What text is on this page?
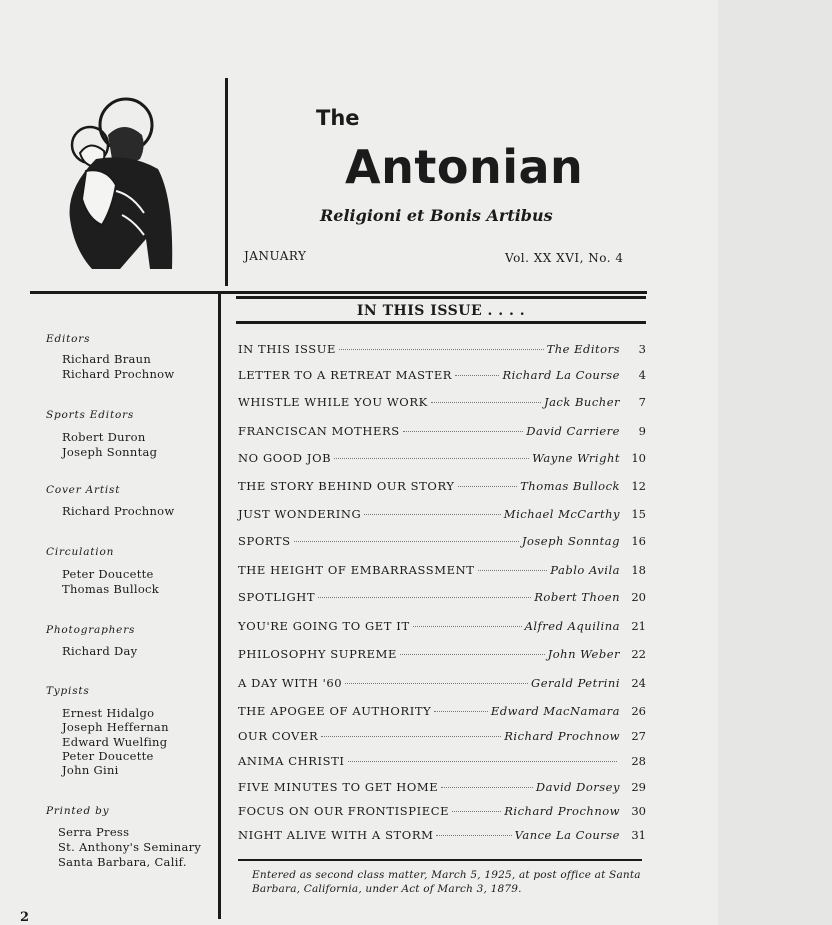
The
Antonian
Religioni et Bonis Artibus
JANUARY	Vol. XX XVI, No. 4
IN THIS ISSUE . . . .
IN THIS ISSUE	The Editors	3
LETTER TO A RETREAT MASTER	Richard La Course	4
WHISTLE WHILE YOU WORK	Jack Bucher	7
FRANCISCAN MOTHERS	David Carriere	9
NO GOOD JOB	Wayne Wright 10
THE STORY BEHIND OUR STORY	Thomas Bullock 12
JUST WONDERING	Michael McCarthy 15
SPORTS	Joseph Sonntag 16
THE HEIGHT OF EMBARRASSMENT	Pablo Avila 18
SPOTLIGHT	Robert Thoen 20
YOU'RE GOING TO GET IT	Alfred Aquilina 21
PHILOSOPHY SUPREME	John Weber 22
A DAY WITH '60	Gerald Petrini 24
THE APOGEE OF AUTHORITY	Edward MacNamara 26
OUR COVER	Richard Prochnow 27
ANIMA CHRISTI	28
FIVE MINUTES TO GET HOME	David Dorsey 29
FOCUS ON OUR FRONTISPIECE	Richard Prochnow 30
NIGHT ALIVE WITH A STORM	Vance La Course 31
Editors
Richard Braun
Richard Prochnow
Sports Editors
Robert Duron
Joseph Sonntag
Cover Artist
Richard Prochnow
Circulation
Peter Doucette
Thomas Bullock
Photographers
Richard Day
Typists
Ernest Hidalgo
Joseph Heffernan
Edward Wuelfing
Peter Doucette
John Gini
Printed by
Serra Press
St. Anthony's Seminary
Santa Barbara, Calif.
Entered as second class matter, March 5, 1925, at post office at Santa Barbara, California, under Act of March 3, 1879.
2
